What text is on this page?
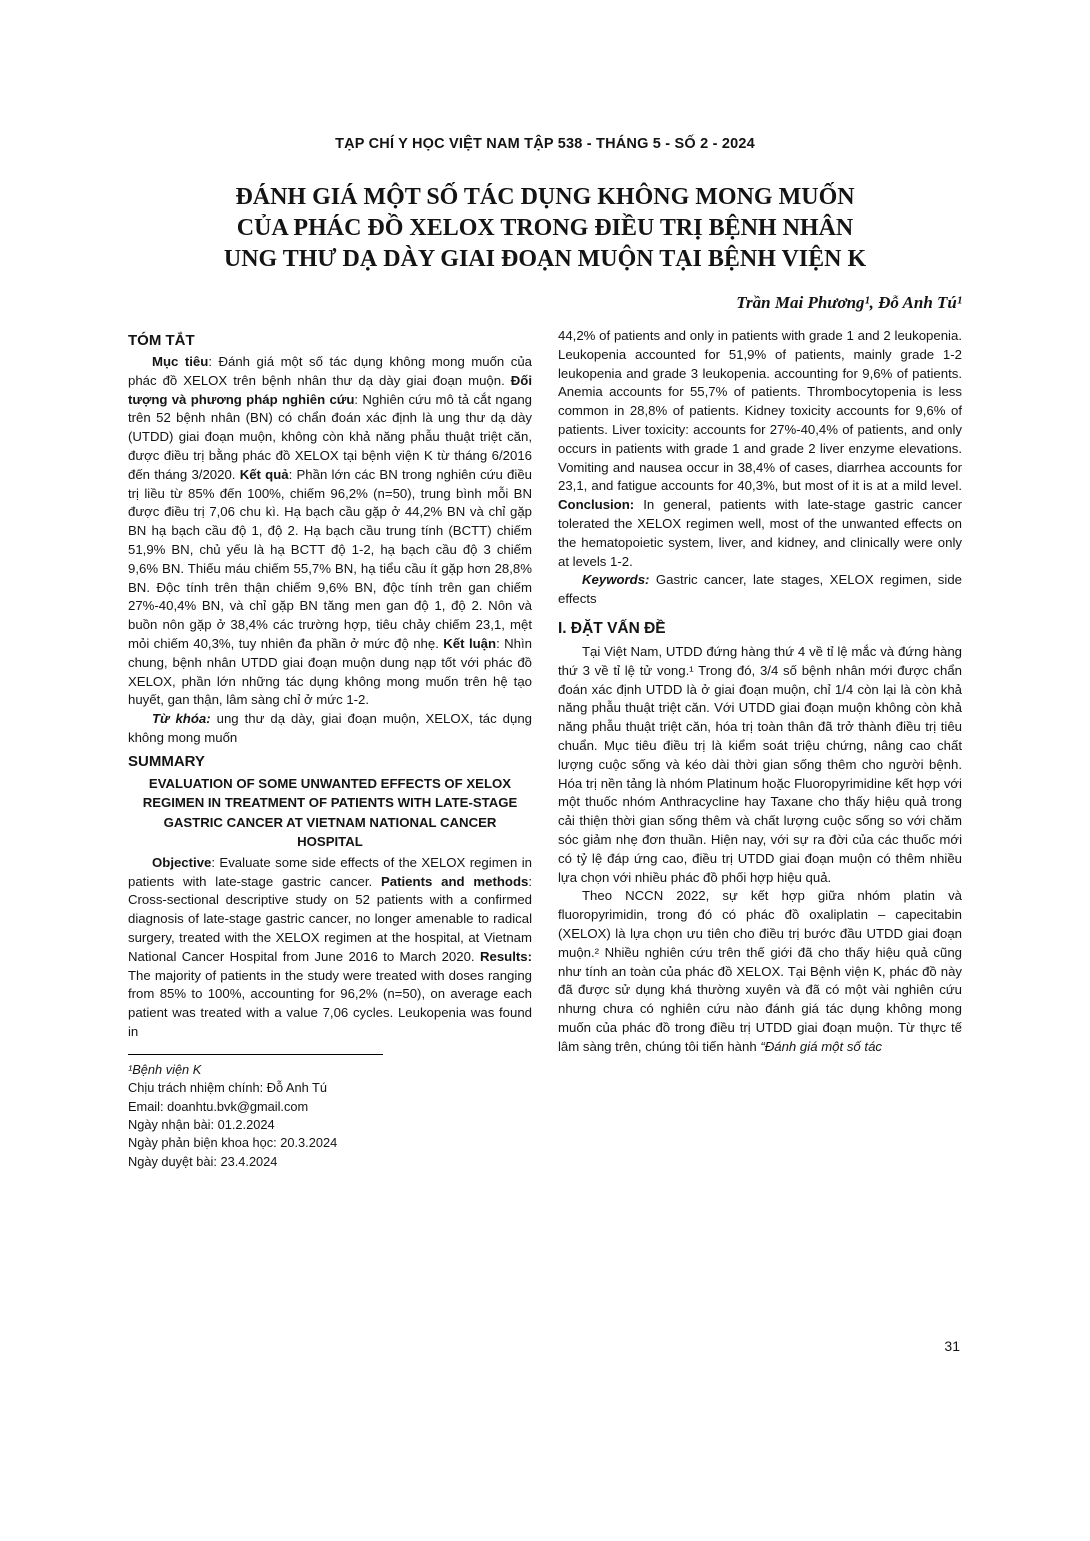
TẠP CHÍ Y HỌC VIỆT NAM TẬP 538 - THÁNG 5 - SỐ 2 - 2024
ĐÁNH GIÁ MỘT SỐ TÁC DỤNG KHÔNG MONG MUỐN
CỦA PHÁC ĐỒ XELOX TRONG ĐIỀU TRỊ BỆNH NHÂN
UNG THƯ DẠ DÀY GIAI ĐOẠN MUỘN TẠI BỆNH VIỆN K
Trần Mai Phương¹, Đỗ Anh Tú¹
TÓM TẮT

Mục tiêu: Đánh giá một số tác dụng không mong muốn của phác đồ XELOX trên bệnh nhân thư dạ dày giai đoạn muộn. Đối tượng và phương pháp nghiên cứu: Nghiên cứu mô tả cắt ngang trên 52 bệnh nhân (BN) có chẩn đoán xác định là ung thư dạ dày (UTDD) giai đoạn muộn, không còn khả năng phẫu thuật triệt căn, được điều trị bằng phác đồ XELOX tại bệnh viện K từ tháng 6/2016 đến tháng 3/2020. Kết quả: Phần lớn các BN trong nghiên cứu điều trị liều từ 85% đến 100%, chiếm 96,2% (n=50), trung bình mỗi BN được điều trị 7,06 chu kì. Hạ bạch cầu gặp ở 44,2% BN và chỉ gặp BN hạ bạch cầu độ 1, độ 2. Hạ bạch cầu trung tính (BCTT) chiếm 51,9% BN, chủ yếu là hạ BCTT độ 1-2, hạ bạch cầu độ 3 chiếm 9,6% BN. Thiếu máu chiếm 55,7% BN, hạ tiểu cầu ít gặp hơn 28,8% BN. Độc tính trên thận chiếm 9,6% BN, độc tính trên gan chiếm 27%-40,4% BN, và chỉ gặp BN tăng men gan độ 1, độ 2. Nôn và buồn nôn gặp ở 38,4% các trường hợp, tiêu chảy chiếm 23,1, mệt mỏi chiếm 40,3%, tuy nhiên đa phần ở mức độ nhẹ. Kết luận: Nhìn chung, bệnh nhân UTDD giai đoạn muộn dung nạp tốt với phác đồ XELOX, phần lớn những tác dụng không mong muốn trên hệ tạo huyết, gan thận, lâm sàng chỉ ở mức 1-2.

Từ khóa: ung thư dạ dày, giai đoạn muộn, XELOX, tác dụng không mong muốn

SUMMARY
EVALUATION OF SOME UNWANTED EFFECTS OF XELOX REGIMEN IN TREATMENT OF PATIENTS WITH LATE-STAGE GASTRIC CANCER AT VIETNAM NATIONAL CANCER HOSPITAL

Objective: Evaluate some side effects of the XELOX regimen in patients with late-stage gastric cancer. Patients and methods: Cross-sectional descriptive study on 52 patients with a confirmed diagnosis of late-stage gastric cancer, no longer amenable to radical surgery, treated with the XELOX regimen at the hospital, at Vietnam National Cancer Hospital from June 2016 to March 2020. Results: The majority of patients in the study were treated with doses ranging from 85% to 100%, accounting for 96,2% (n=50), on average each patient was treated with a value 7,06 cycles. Leukopenia was found in

¹Bệnh viện K
Chịu trách nhiệm chính: Đỗ Anh Tú
Email: doanhtu.bvk@gmail.com
Ngày nhận bài: 01.2.2024
Ngày phản biện khoa học: 20.3.2024
Ngày duyệt bài: 23.4.2024

44,2% of patients and only in patients with grade 1 and 2 leukopenia. Leukopenia accounted for 51,9% of patients, mainly grade 1-2 leukopenia and grade 3 leukopenia. accounting for 9,6% of patients. Anemia accounts for 55,7% of patients. Thrombocytopenia is less common in 28,8% of patients. Kidney toxicity accounts for 9,6% of patients. Liver toxicity: accounts for 27%-40,4% of patients, and only occurs in patients with grade 1 and grade 2 liver enzyme elevations. Vomiting and nausea occur in 38,4% of cases, diarrhea accounts for 23,1, and fatigue accounts for 40,3%, but most of it is at a mild level. Conclusion: In general, patients with late-stage gastric cancer tolerated the XELOX regimen well, most of the unwanted effects on the hematopoietic system, liver, and kidney, and clinically were only at levels 1-2.

Keywords: Gastric cancer, late stages, XELOX regimen, side effects

I. ĐẶT VẤN ĐỀ

Tại Việt Nam, UTDD đứng hàng thứ 4 về tỉ lệ mắc và đứng hàng thứ 3 về tỉ lệ tử vong.¹ Trong đó, 3/4 số bệnh nhân mới được chẩn đoán xác định UTDD là ở giai đoạn muộn, chỉ 1/4 còn lại là còn khả năng phẫu thuật triệt căn. Với UTDD giai đoạn muộn không còn khả năng phẫu thuật triệt căn, hóa trị toàn thân đã trở thành điều trị tiêu chuẩn. Mục tiêu điều trị là kiểm soát triệu chứng, nâng cao chất lượng cuộc sống và kéo dài thời gian sống thêm cho người bệnh. Hóa trị nền tảng là nhóm Platinum hoặc Fluoropyrimidine kết hợp với một thuốc nhóm Anthracycline hay Taxane cho thấy hiệu quả trong cải thiện thời gian sống thêm và chất lượng cuộc sống so với chăm sóc giảm nhẹ đơn thuần. Hiện nay, với sự ra đời của các thuốc mới có tỷ lệ đáp ứng cao, điều trị UTDD giai đoạn muộn có thêm nhiều lựa chọn với nhiều phác đồ phối hợp hiệu quả.

Theo NCCN 2022, sự kết hợp giữa nhóm platin và fluoropyrimidin, trong đó có phác đồ oxaliplatin – capecitabin (XELOX) là lựa chọn ưu tiên cho điều trị bước đầu UTDD giai đoạn muộn.² Nhiều nghiên cứu trên thế giới đã cho thấy hiệu quả cũng như tính an toàn của phác đồ XELOX. Tại Bệnh viện K, phác đồ này đã được sử dụng khá thường xuyên và đã có một vài nghiên cứu nhưng chưa có nghiên cứu nào đánh giá tác dụng không mong muốn của phác đồ trong điều trị UTDD giai đoạn muộn. Từ thực tế lâm sàng trên, chúng tôi tiến hành “Đánh giá một số tác

31
